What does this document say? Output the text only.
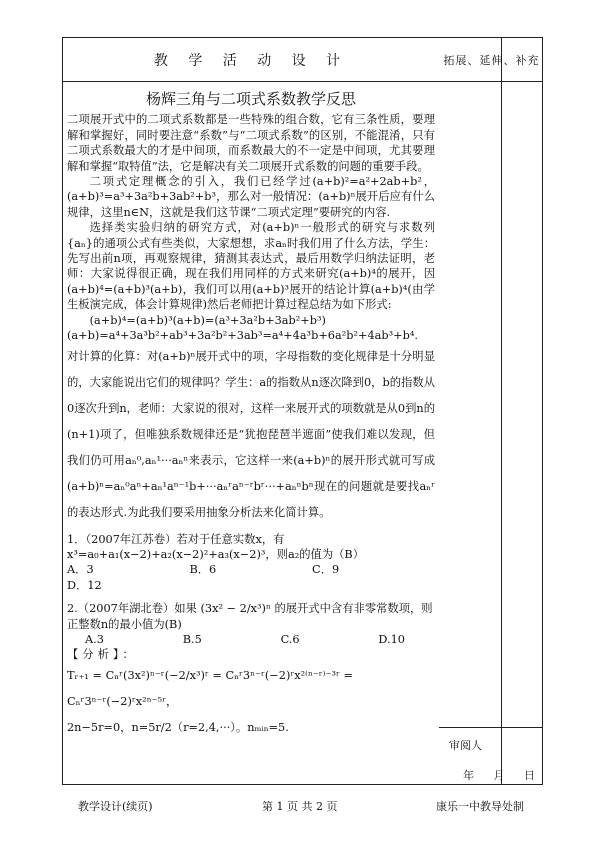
教 学 活 动 设 计	拓展、延伸、补充
杨辉三角与二项式系数教学反思

二项展开式中的二项式系数都是一些特殊的组合数，它有三条性质，要理解和掌握好，同时要注意“系数”与“二项式系数”的区别，不能混淆，只有二项式系数最大的才是中间项，而系数最大的不一定是中间项，尤其要理解和掌握“取特值”法，它是解决有关二项展开式系数的问题的重要手段。

二项式定理概念的引入，我们已经学过(a+b)²=a²+2ab+b²，(a+b)³=a³+3a²b+3ab²+b³，那么对一般情况：(a+b)ⁿ展开后应有什么规律，这里n∈N，这就是我们这节课“二项式定理”要研究的内容.

选择类实验归纳的研究方式，对(a+b)ⁿ一般形式的研究与求数列{aₙ}的通项公式有些类似，大家想想，求aₙ时我们用了什么方法，学生：先写出前n项，再观察规律，猜测其表达式，最后用数学归纳法证明，老师：大家说得很正确，现在我们用同样的方式来研究(a+b)⁴的展开，因(a+b)⁴=(a+b)³(a+b)，我们可以用(a+b)³展开的结论计算(a+b)⁴(由学生板演完成，体会计算规律)然后老师把计算过程总结为如下形式:

(a+b)⁴=(a+b)³(a+b)=(a³+3a²b+3ab²+b³)(a+b)=a⁴+3a³b²+ab³+3a²b²+3ab³=a⁴+4a³b+6a²b²+4ab³+b⁴.

对计算的化算：对(a+b)ⁿ展开式中的项，字母指数的变化规律是十分明显的，大家能说出它们的规律吗？学生：a的指数从n逐次降到0，b的指数从0逐次升到n，老师：大家说的很对，这样一来展开式的项数就是从0到n的(n+1)项了，但唯独系数规律还是“犹抱琵琶半遮面”使我们难以发现，但我们仍可用aₙ⁰,aₙ¹···aₙⁿ来表示，它这样一来(a+b)ⁿ的展开形式就可写成(a+b)ⁿ=aₙ⁰aⁿ+aₙ¹aⁿ⁻¹b+···aₙʳaⁿ⁻ʳbʳ···+aₙⁿbⁿ现在的问题就是要找aₙʳ的表达形式.为此我们要采用抽象分析法来化简计算。

1．（2007年江苏卷）若对于任意实数x，有

x³=a₀+a₁(x−2)+a₂(x−2)²+a₃(x−2)³，则a₂的值为（B）

A．3	B．6	C．9

D．12

2.（2007年湖北卷）如果 (3x² − 2/x³)ⁿ 的展开式中含有非零常数项，则正整数n的最小值为(B)

A.3	B.5	C.6	D.10

【分析】：

Tᵣ₊₁ = Cₙʳ(3x²)ⁿ⁻ʳ(−2/x³)ʳ = Cₙʳ3ⁿ⁻ʳ(−2)ʳx²⁽ⁿ⁻ʳ⁾⁻³ʳ = Cₙʳ3ⁿ⁻ʳ(−2)ʳx²ⁿ⁻⁵ʳ，

2n−5r=0，n=5r/2（r=2,4,···）。nₘᵢₙ=5.

审阅人
年 月 日
教学设计(续页)	第 1 页 共 2 页	康乐一中教导处制
